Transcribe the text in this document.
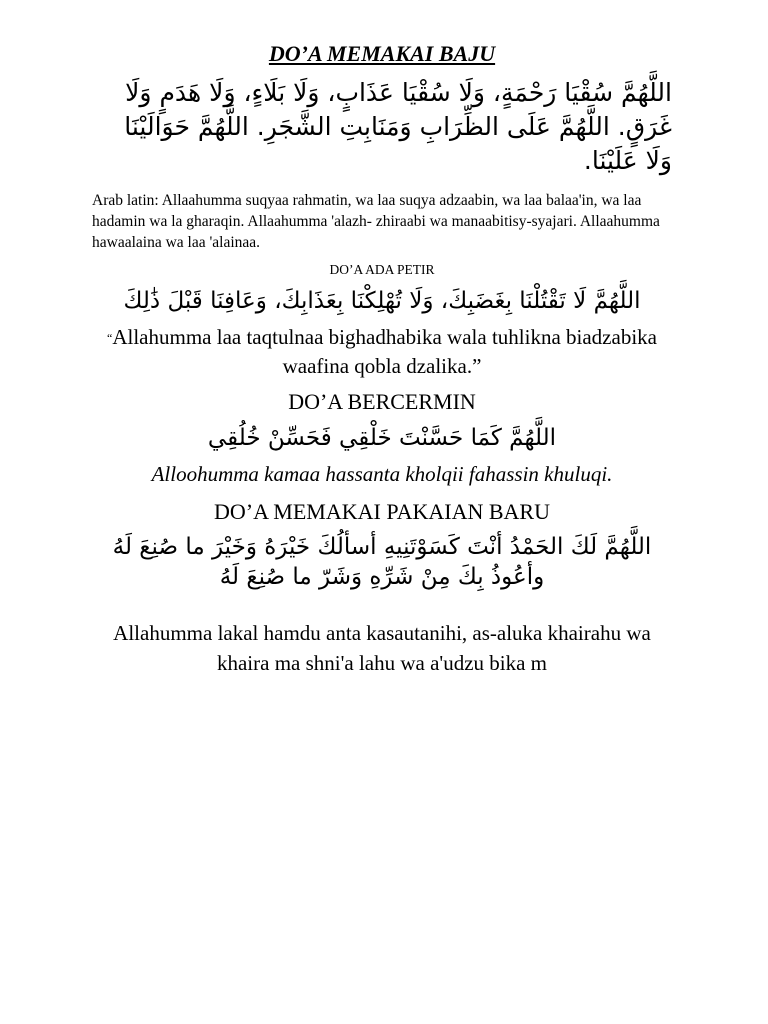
DO’A MEMAKAI BAJU
اللَّهُمَّ سُقْيَا رَحْمَةٍ، وَلَا سُقْيَا عَذَابٍ، وَلَا بَلَاءٍ، وَلَا هَدَمٍ وَلَا غَرَقٍ. اللَّهُمَّ عَلَى الظِّرَابِ وَمَنَابِتِ الشَّجَرِ. اللَّهُمَّ حَوَالَيْنَا وَلَا عَلَيْنَا.

Arab latin: Allaahumma suqyaa rahmatin, wa laa suqya adzaabin, wa laa balaa'in, wa laa hadamin wa la gharaqin. Allaahumma 'alazh- zhiraabi wa manaabitisy-syajari. Allaahumma hawaalaina wa laa 'alainaa.

DO’A ADA PETIR
اللَّهُمَّ لَا تَقْتُلْنَا بِغَضَبِكَ، وَلَا تُهْلِكْنَا بِعَذَابِكَ، وَعَافِنَا قَبْلَ ذَٰلِكَ
“Allahumma laa taqtulnaa bighadhabika wala tuhlikna biadzabika waafina qobla dzalika.”
DO’A BERCERMIN
اللَّهُمَّ كَمَا حَسَّنْتَ خَلْقِي فَحَسِّنْ خُلُقِي
Alloohumma kamaa hassanta kholqii fahassin khuluqi.
DO’A MEMAKAI PAKAIAN BARU
اللَّهُمَّ لَكَ الحَمْدُ أنْتَ كَسَوْتَنِيهِ أسألُكَ خَيْرَهُ وَخَيْرَ ما صُنِعَ لَهُ وأعُوذُ بِكَ مِنْ شَرِّهِ وَشَرّ ما صُنِعَ لَهُ
Allahumma lakal hamdu anta kasautanihi, as-aluka khairahu wa khaira ma shni'a lahu wa a'udzu bika m
